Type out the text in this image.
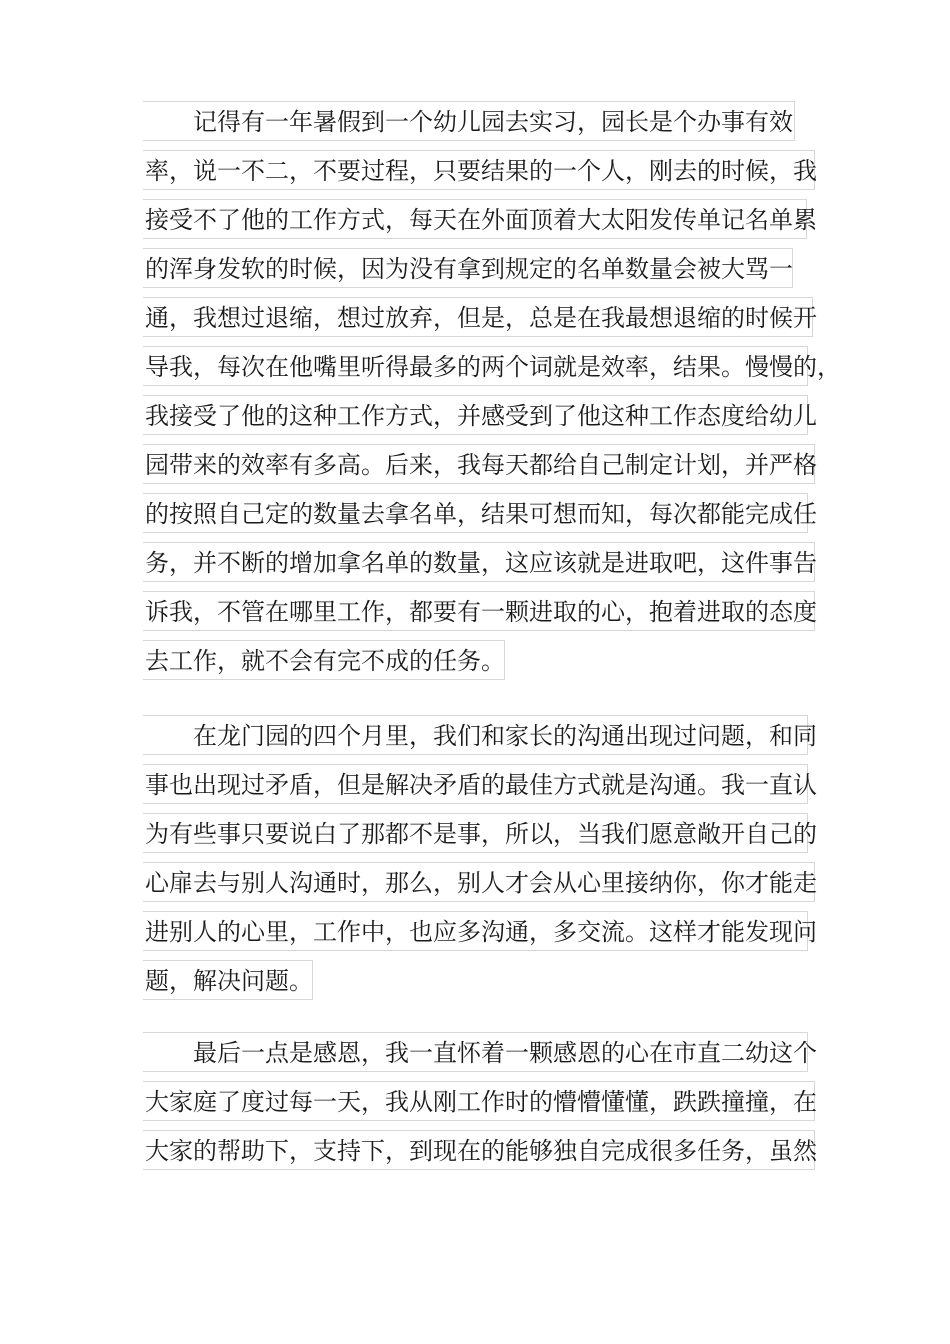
记得有一年暑假到一个幼儿园去实习，园长是个办事有效
率，说一不二，不要过程，只要结果的一个人，刚去的时候，我
接受不了他的工作方式，每天在外面顶着大太阳发传单记名单累
的浑身发软的时候，因为没有拿到规定的名单数量会被大骂一
通，我想过退缩，想过放弃，但是，总是在我最想退缩的时候开
导我，每次在他嘴里听得最多的两个词就是效率，结果。慢慢的，
我接受了他的这种工作方式，并感受到了他这种工作态度给幼儿
园带来的效率有多高。后来，我每天都给自己制定计划，并严格
的按照自己定的数量去拿名单，结果可想而知，每次都能完成任
务，并不断的增加拿名单的数量，这应该就是进取吧，这件事告
诉我，不管在哪里工作，都要有一颗进取的心，抱着进取的态度
去工作，就不会有完不成的任务。
在龙门园的四个月里，我们和家长的沟通出现过问题，和同
事也出现过矛盾，但是解决矛盾的最佳方式就是沟通。我一直认
为有些事只要说白了那都不是事，所以，当我们愿意敞开自己的
心扉去与别人沟通时，那么，别人才会从心里接纳你，你才能走
进别人的心里，工作中，也应多沟通，多交流。这样才能发现问
题，解决问题。
最后一点是感恩，我一直怀着一颗感恩的心在市直二幼这个
大家庭了度过每一天，我从刚工作时的懵懵懂懂，跌跌撞撞，在
大家的帮助下，支持下，到现在的能够独自完成很多任务，虽然
